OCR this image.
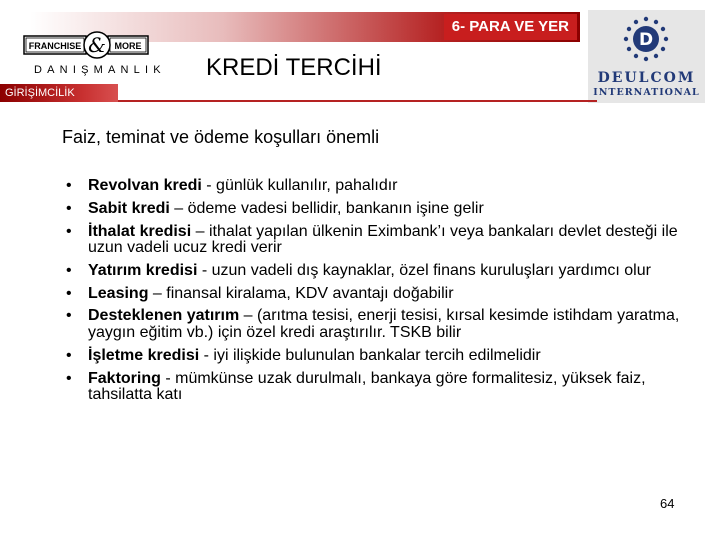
6- PARA VE YER
FRANCHISE & MORE
DANIŞMANLIK
D
DEULCOM
INTERNATIONAL
KREDİ TERCİHİ
GİRİŞİMCİLİK
Faiz, teminat ve ödeme koşulları önemli
• Revolvan kredi - günlük kullanılır, pahalıdır
• Sabit kredi – ödeme vadesi bellidir, bankanın işine gelir
• İthalat kredisi – ithalat yapılan ülkenin Eximbank’ı veya bankaları devlet desteği ile uzun vadeli ucuz kredi verir
• Yatırım kredisi - uzun vadeli dış kaynaklar, özel finans kuruluşları yardımcı olur
• Leasing – finansal kiralama, KDV avantajı doğabilir
• Desteklenen yatırım – (arıtma tesisi, enerji tesisi, kırsal kesimde istihdam yaratma, yaygın eğitim vb.) için özel kredi araştırılır. TSKB bilir
• İşletme kredisi - iyi ilişkide bulunulan bankalar tercih edilmelidir
• Faktoring - mümkünse uzak durulmalı, bankaya göre formalitesiz, yüksek faiz, tahsilatta katı
64
